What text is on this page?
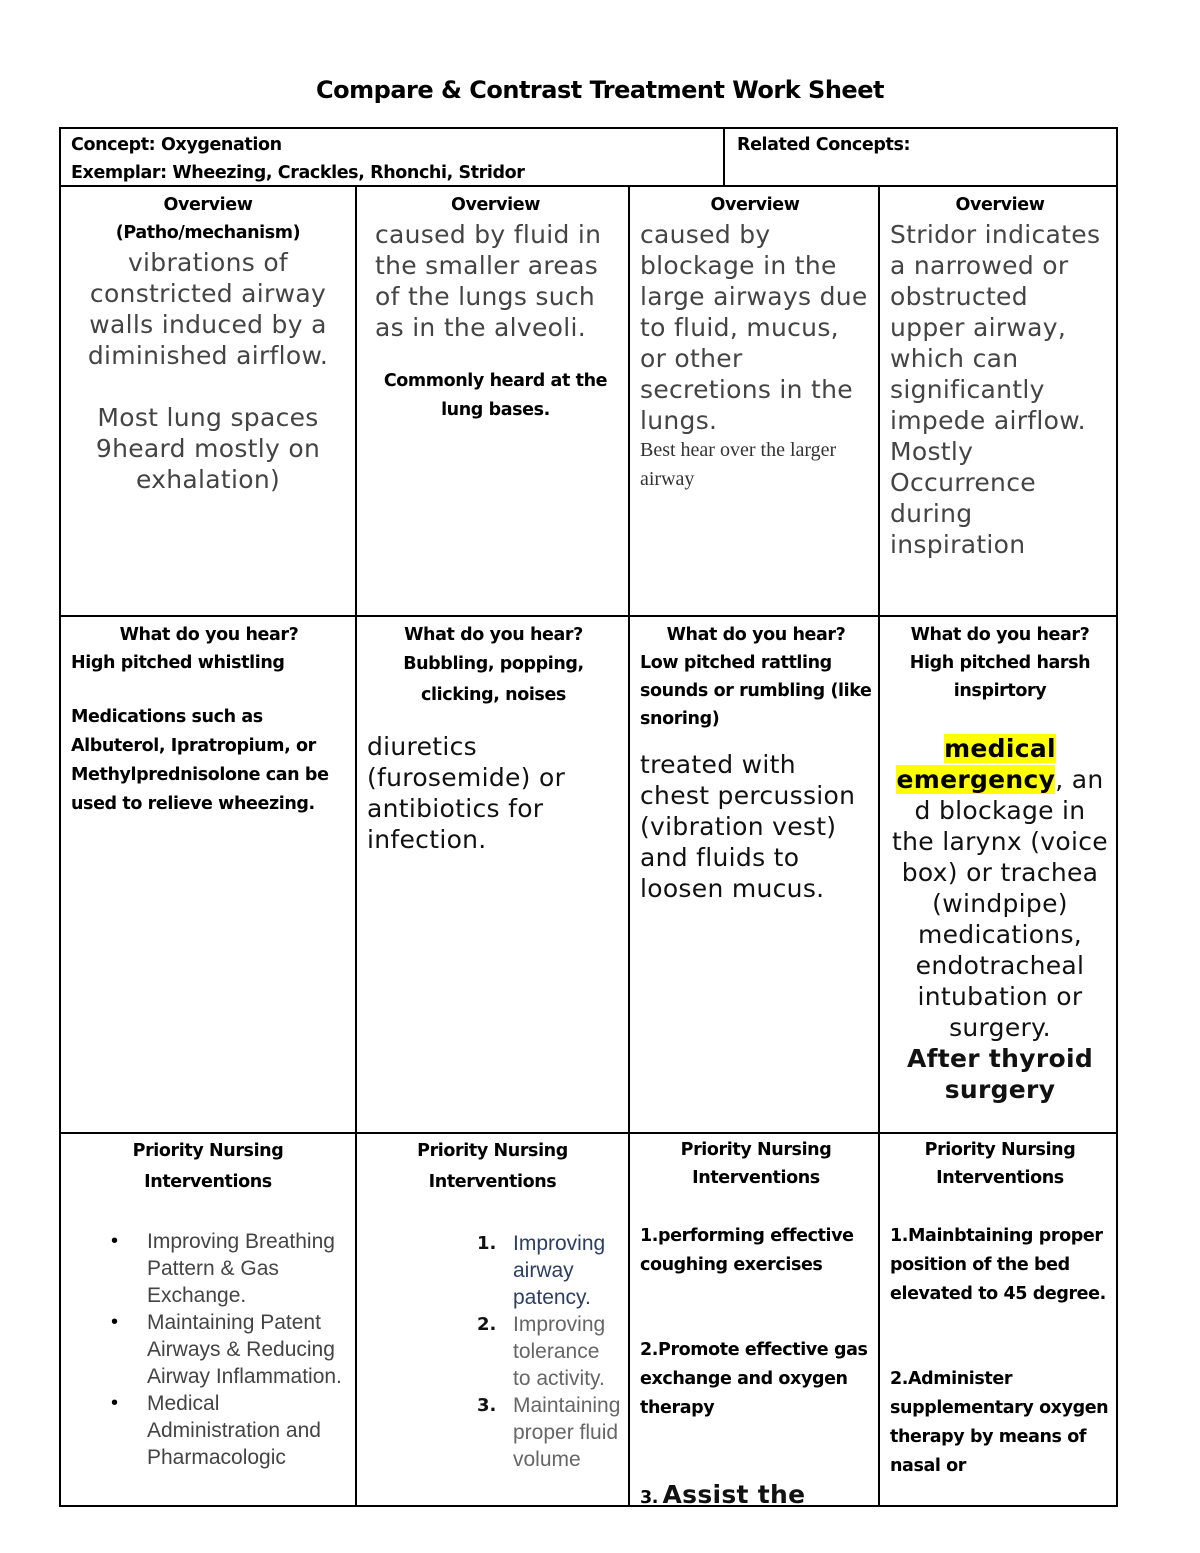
Compare & Contrast Treatment Work Sheet
Concept: Oxygenation
Exemplar: Wheezing, Crackles, Rhonchi, Stridor
Related Concepts:
Overview
(Patho/mechanism)
vibrations of constricted airway walls induced by a diminished airflow.
Most lung spaces 9heard mostly on exhalation)
Overview
caused by fluid in the smaller areas of the lungs such as in the alveoli.
Commonly heard at the lung bases.
Overview
caused by blockage in the large airways due to fluid, mucus, or other secretions in the lungs.
Best hear over the larger airway
Overview
Stridor indicates a narrowed or obstructed upper airway, which can significantly impede airflow. Mostly Occurrence during inspiration
What do you hear?
High pitched whistling
Medications such as Albuterol, Ipratropium, or Methylprednisolone can be used to relieve wheezing.
What do you hear?
Bubbling, popping, clicking, noises
diuretics (furosemide) or antibiotics for infection.
What do you hear?
Low pitched rattling sounds or rumbling (like snoring)
treated with chest percussion (vibration vest) and fluids to loosen mucus.
What do you hear?
High pitched harsh inspirtory
medical emergency, an d blockage in the larynx (voice box) or trachea (windpipe) medications, endotracheal intubation or surgery.
After thyroid surgery
Priority Nursing Interventions
• Improving Breathing Pattern & Gas Exchange.
• Maintaining Patent Airways & Reducing Airway Inflammation.
• Medical Administration and Pharmacologic
Priority Nursing Interventions
1. Improving airway patency.
2. Improving tolerance to activity.
3. Maintaining proper fluid volume
Priority Nursing Interventions
1.performing effective coughing exercises
2.Promote effective gas exchange and oxygen therapy
3. Assist the
Priority Nursing Interventions
1.Mainbtaining proper position of the bed elevated to 45 degree.
2.Administer supplementary oxygen therapy by means of nasal or
